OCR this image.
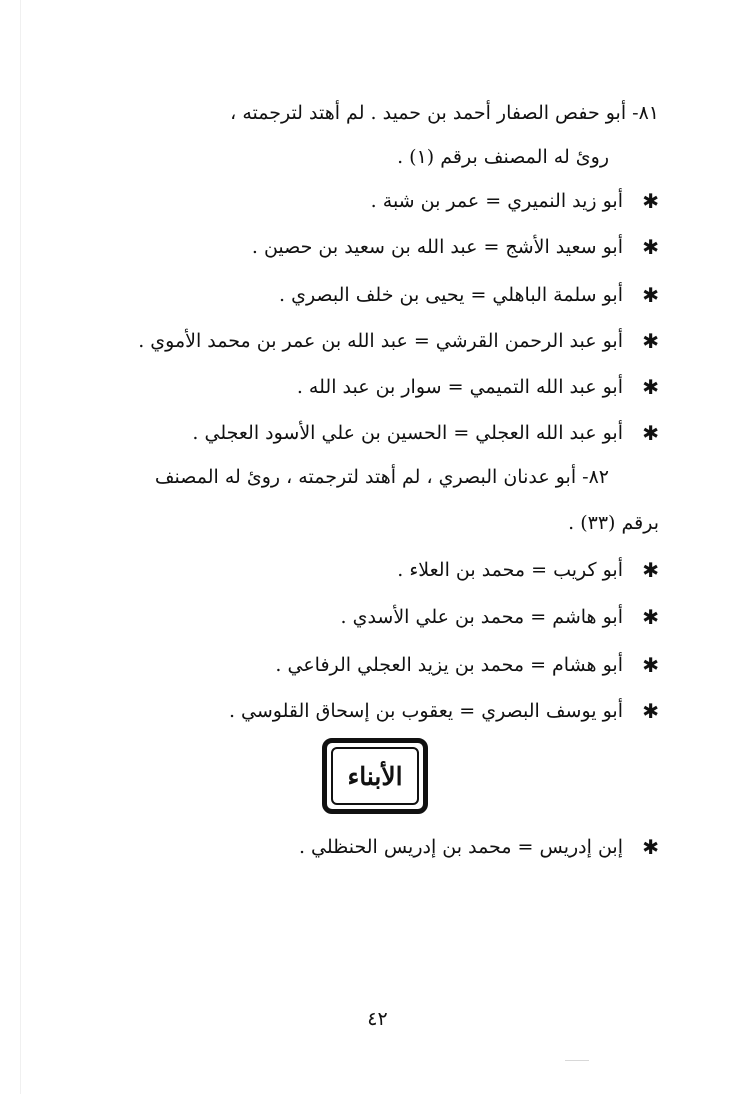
٨١- أبو حفص الصفار أحمد بن حميد . لم أهتد لترجمته ،
روئ له المصنف برقم (١) .
✱
أبو زيد النميري = عمر بن شبة .
✱
أبو سعيد الأشج = عبد الله بن سعيد بن حصين .
✱
أبو سلمة الباهلي = يحيى بن خلف البصري .
✱
أبو عبد الرحمن القرشي = عبد الله بن عمر بن محمد الأموي .
✱
أبو عبد الله التميمي = سوار بن عبد الله .
✱
أبو عبد الله العجلي = الحسين بن علي الأسود العجلي .
٨٢- أبو عدنان البصري ، لم أهتد لترجمته ، روئ له المصنف
برقم (٣٣) .
✱
أبو كريب = محمد بن العلاء .
✱
أبو هاشم = محمد بن علي الأسدي .
✱
أبو هشام = محمد بن يزيد العجلي الرفاعي .
✱
أبو يوسف البصري = يعقوب بن إسحاق القلوسي .
الأبناء
✱
إبن إدريس = محمد بن إدريس الحنظلي .
٤٢
